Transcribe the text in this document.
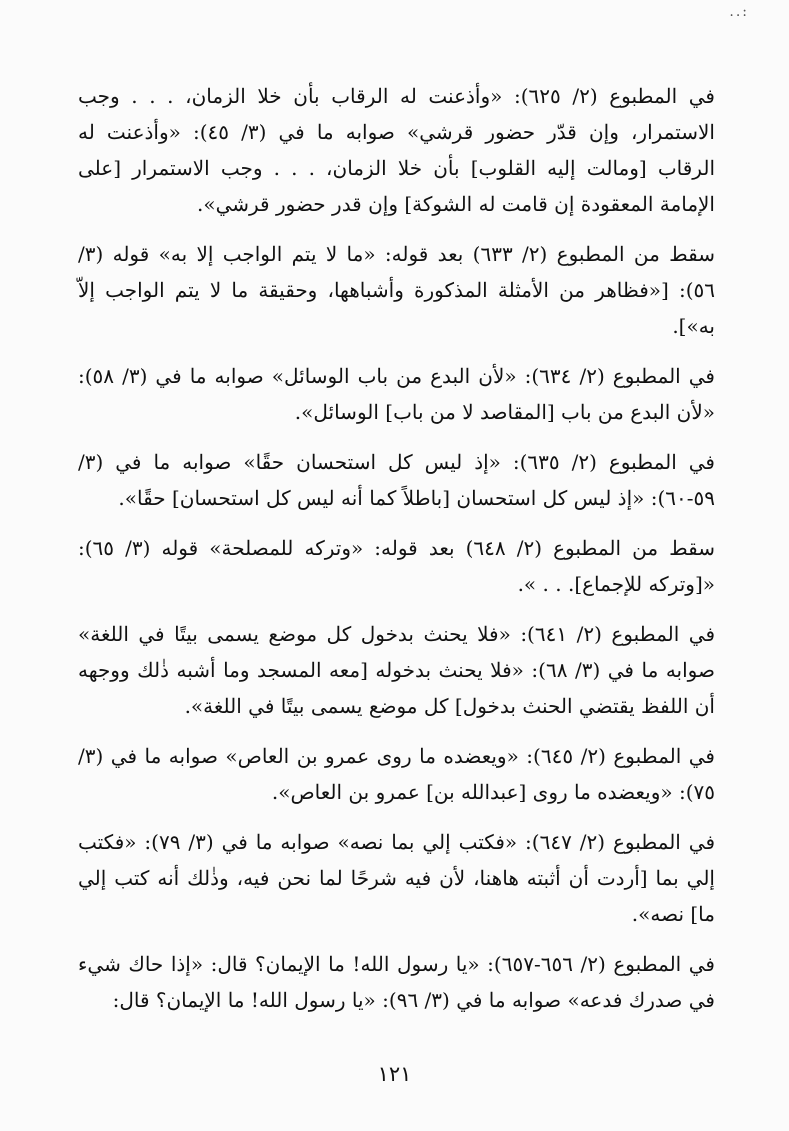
..:

في المطبوع (٢/ ٦٢٥): «وأذعنت له الرقاب بأن خلا الزمان، . . . وجب الاستمرار، وإن قدّر حضور قرشي» صوابه ما في (٣/ ٤٥): «وأذعنت له الرقاب [ومالت إليه القلوب] بأن خلا الزمان، . . . وجب الاستمرار [على الإمامة المعقودة إن قامت له الشوكة] وإن قدر حضور قرشي».

سقط من المطبوع (٢/ ٦٣٣) بعد قوله: «ما لا يتم الواجب إلا به» قوله (٣/ ٥٦): [«فظاهر من الأمثلة المذكورة وأشباهها، وحقيقة ما لا يتم الواجب إلاّ به»].

في المطبوع (٢/ ٦٣٤): «لأن البدع من باب الوسائل» صوابه ما في (٣/ ٥٨): «لأن البدع من باب [المقاصد لا من باب] الوسائل».

في المطبوع (٢/ ٦٣٥): «إذ ليس كل استحسان حقًا» صوابه ما في (٣/ ٥٩-٦٠): «إذ ليس كل استحسان [باطلاً كما أنه ليس كل استحسان] حقًا».

سقط من المطبوع (٢/ ٦٤٨) بعد قوله: «وتركه للمصلحة» قوله (٣/ ٦٥): «[وتركه للإجماع]. . . ».

في المطبوع (٢/ ٦٤١): «فلا يحنث بدخول كل موضع يسمى بيتًا في اللغة» صوابه ما في (٣/ ٦٨): «فلا يحنث بدخوله [معه المسجد وما أشبه ذٰلك ووجهه أن اللفظ يقتضي الحنث بدخول] كل موضع يسمى بيتًا في اللغة».

في المطبوع (٢/ ٦٤٥): «ويعضده ما روى عمرو بن العاص» صوابه ما في (٣/ ٧٥): «ويعضده ما روى [عبدالله بن] عمرو بن العاص».

في المطبوع (٢/ ٦٤٧): «فكتب إلي بما نصه» صوابه ما في (٣/ ٧٩): «فكتب إلي بما [أردت أن أثبته هاهنا، لأن فيه شرحًا لما نحن فيه، وذٰلك أنه كتب إلي ما] نصه».

في المطبوع (٢/ ٦٥٦-٦٥٧): «يا رسول الله! ما الإيمان؟ قال: «إذا حاك شيء في صدرك فدعه» صوابه ما في (٣/ ٩٦): «يا رسول الله! ما الإيمان؟ قال:

١٢١
